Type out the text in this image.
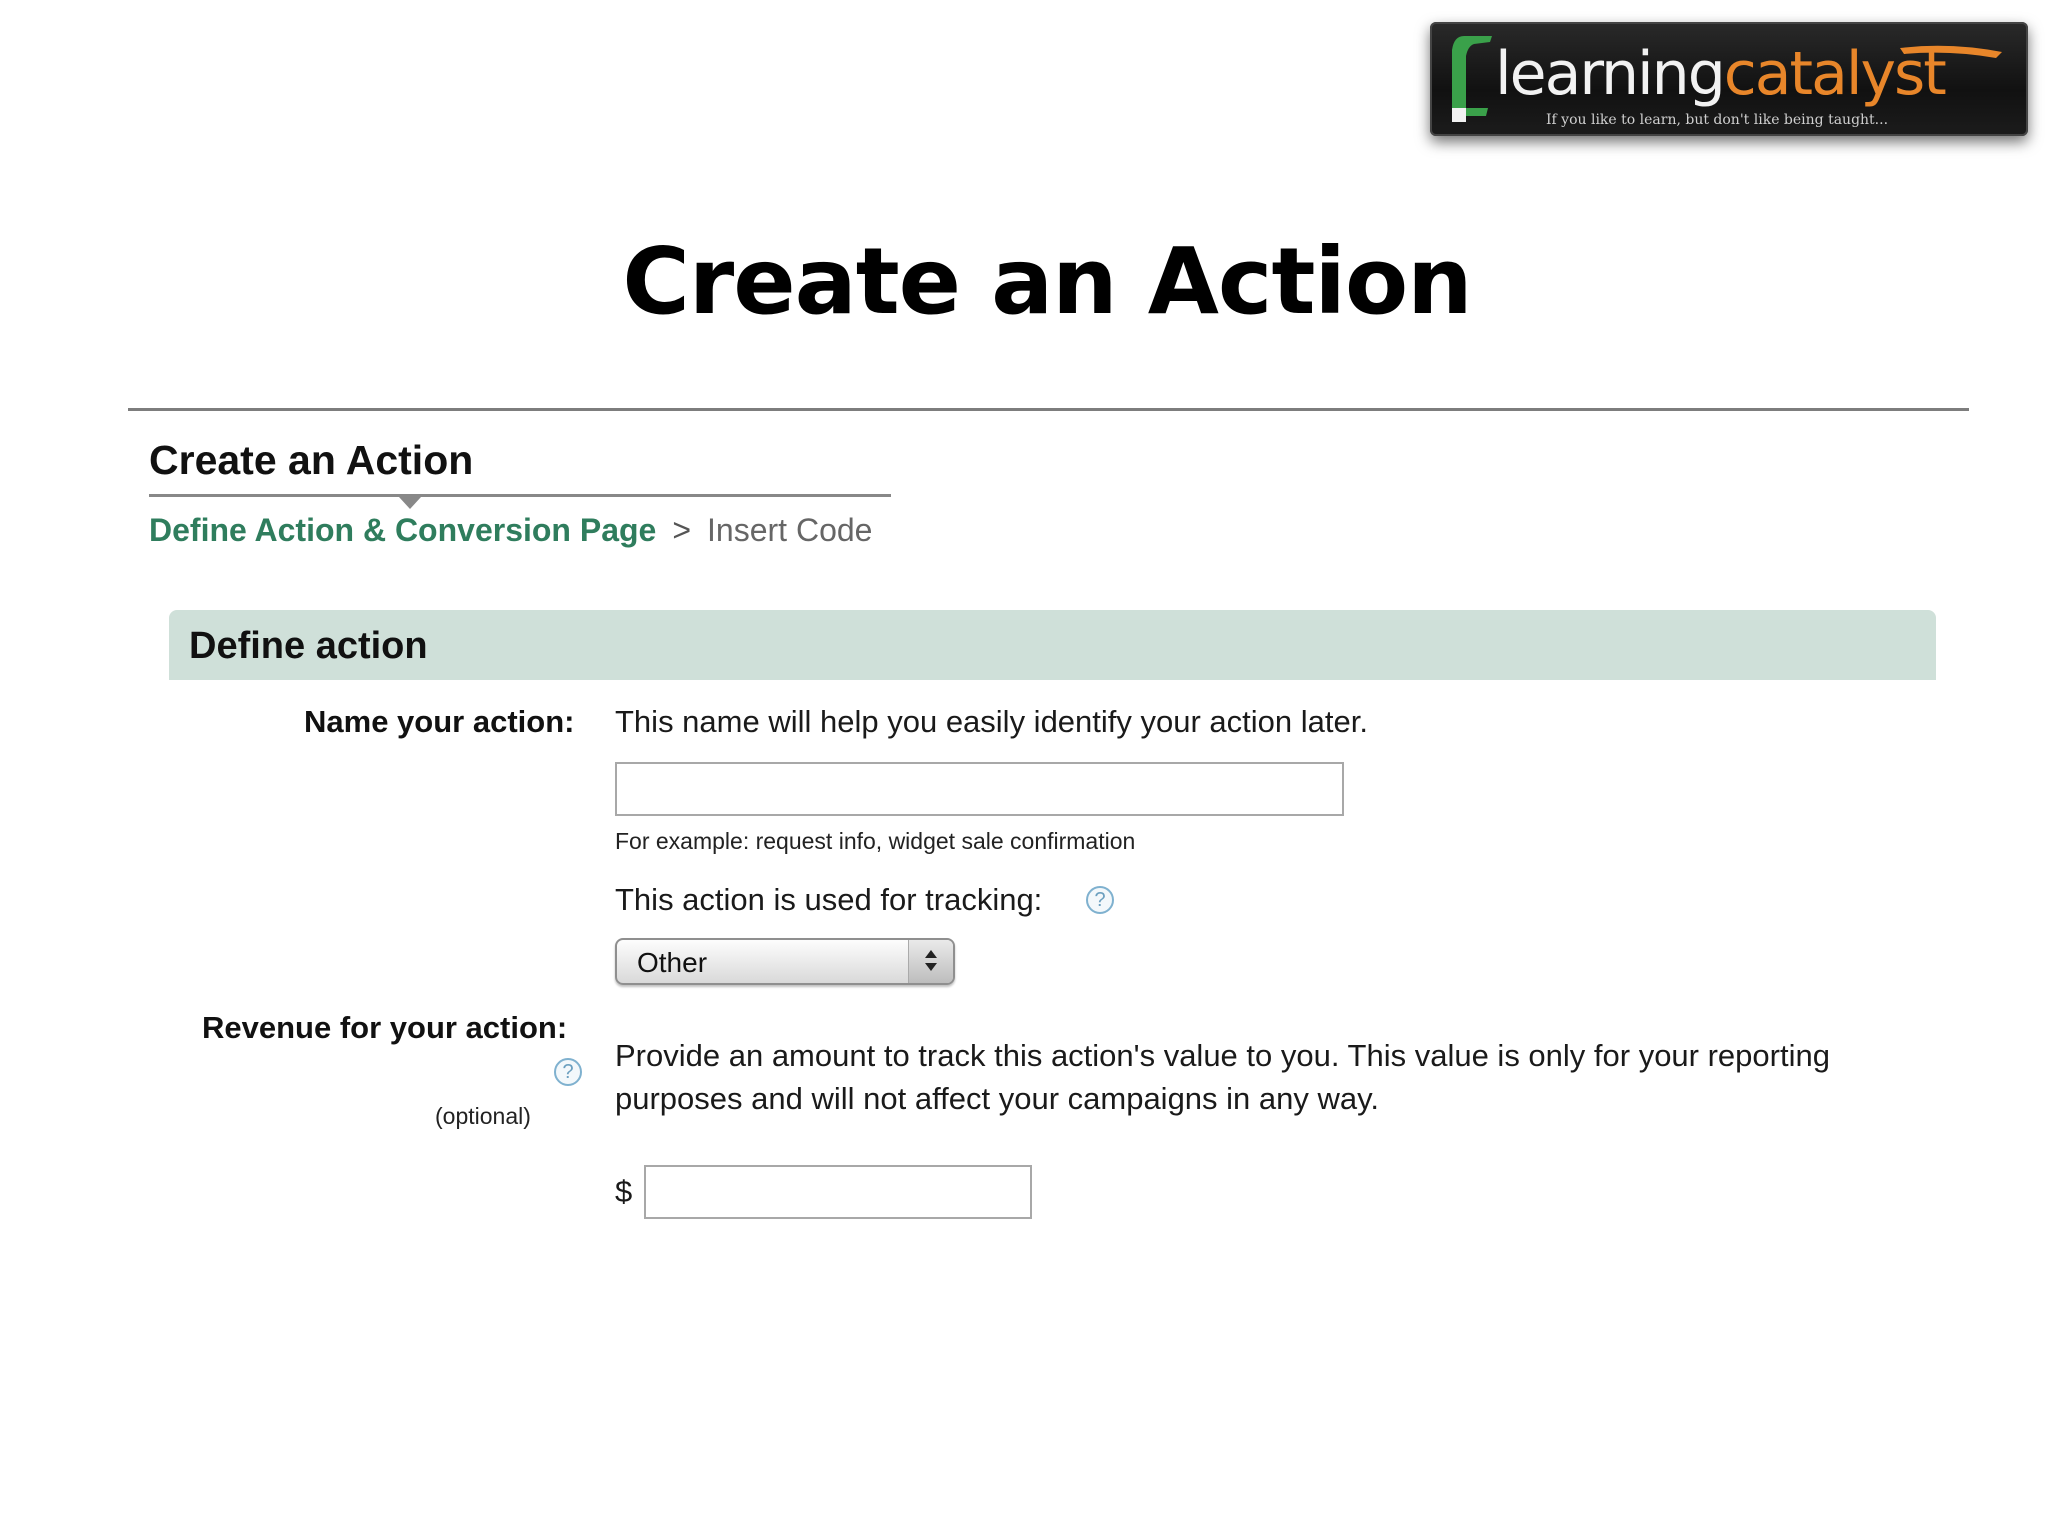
learningcatalyst
If you like to learn, but don't like being taught...
Create an Action
Create an Action
Define Action & Conversion Page > Insert Code
Define action
Name your action: This name will help you easily identify your action later.
For example: request info, widget sale confirmation
This action is used for tracking:	?
Other
Revenue for your action:
?
(optional)
Provide an amount to track this action's value to you. This value is only for your reporting
purposes and will not affect your campaigns in any way.
$
